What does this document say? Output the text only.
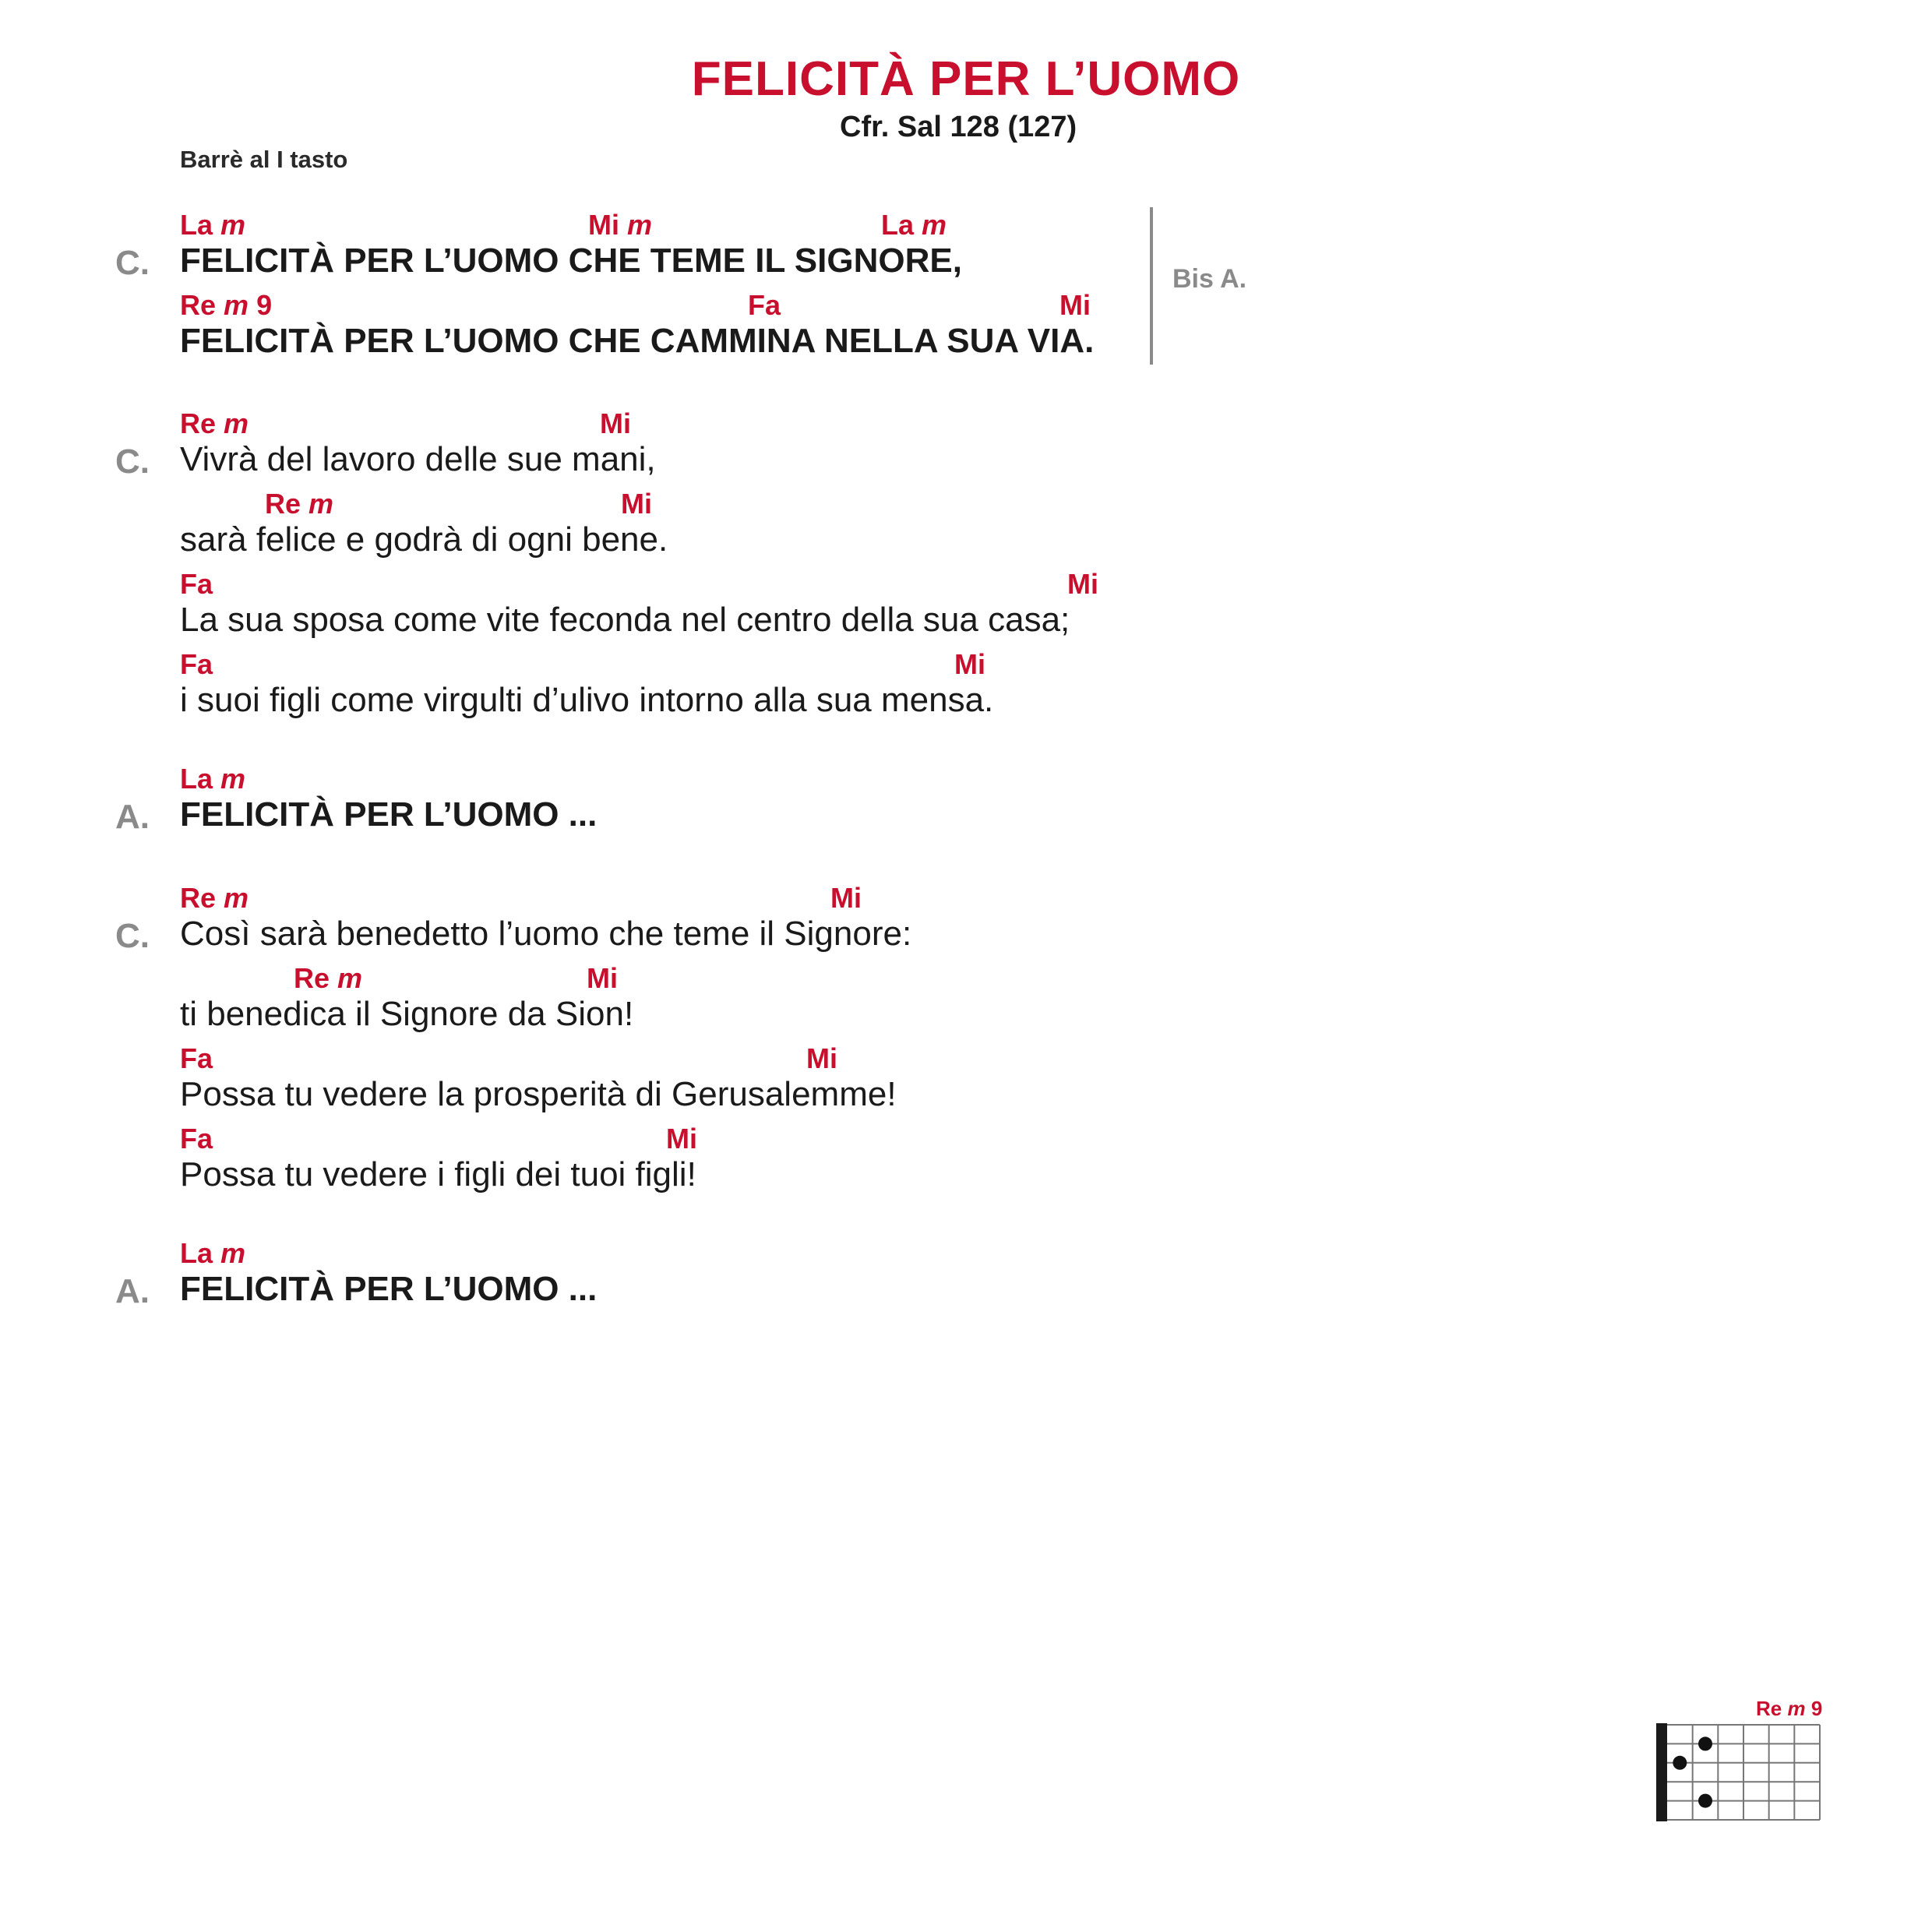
FELICITÀ PER L’UOMO
Cfr. Sal 128 (127)
Barrè al I tasto
C.
La m	Mi m	La m
FELICITÀ PER L’UOMO CHE TEME IL SIGNORE,
Re m 9	Fa	Mi
FELICITÀ PER L’UOMO CHE CAMMINA NELLA SUA VIA.
Bis A.
C.
Re m	Mi
Vivrà del lavoro delle sue mani,
Re m	Mi
sarà felice e godrà di ogni bene.
Fa	Mi
La sua sposa come vite feconda nel centro della sua casa;
Fa	Mi
i suoi figli come virgulti d’ulivo intorno alla sua mensa.
A.
La m
FELICITÀ PER L’UOMO ...
C.
Re m	Mi
Così sarà benedetto l’uomo che teme il Signore:
Re m	Mi
ti benedica il Signore da Sion!
Fa	Mi
Possa tu vedere la prosperità di Gerusalemme!
Fa	Mi
Possa tu vedere i figli dei tuoi figli!
A.
La m
FELICITÀ PER L’UOMO ...
Re m 9
